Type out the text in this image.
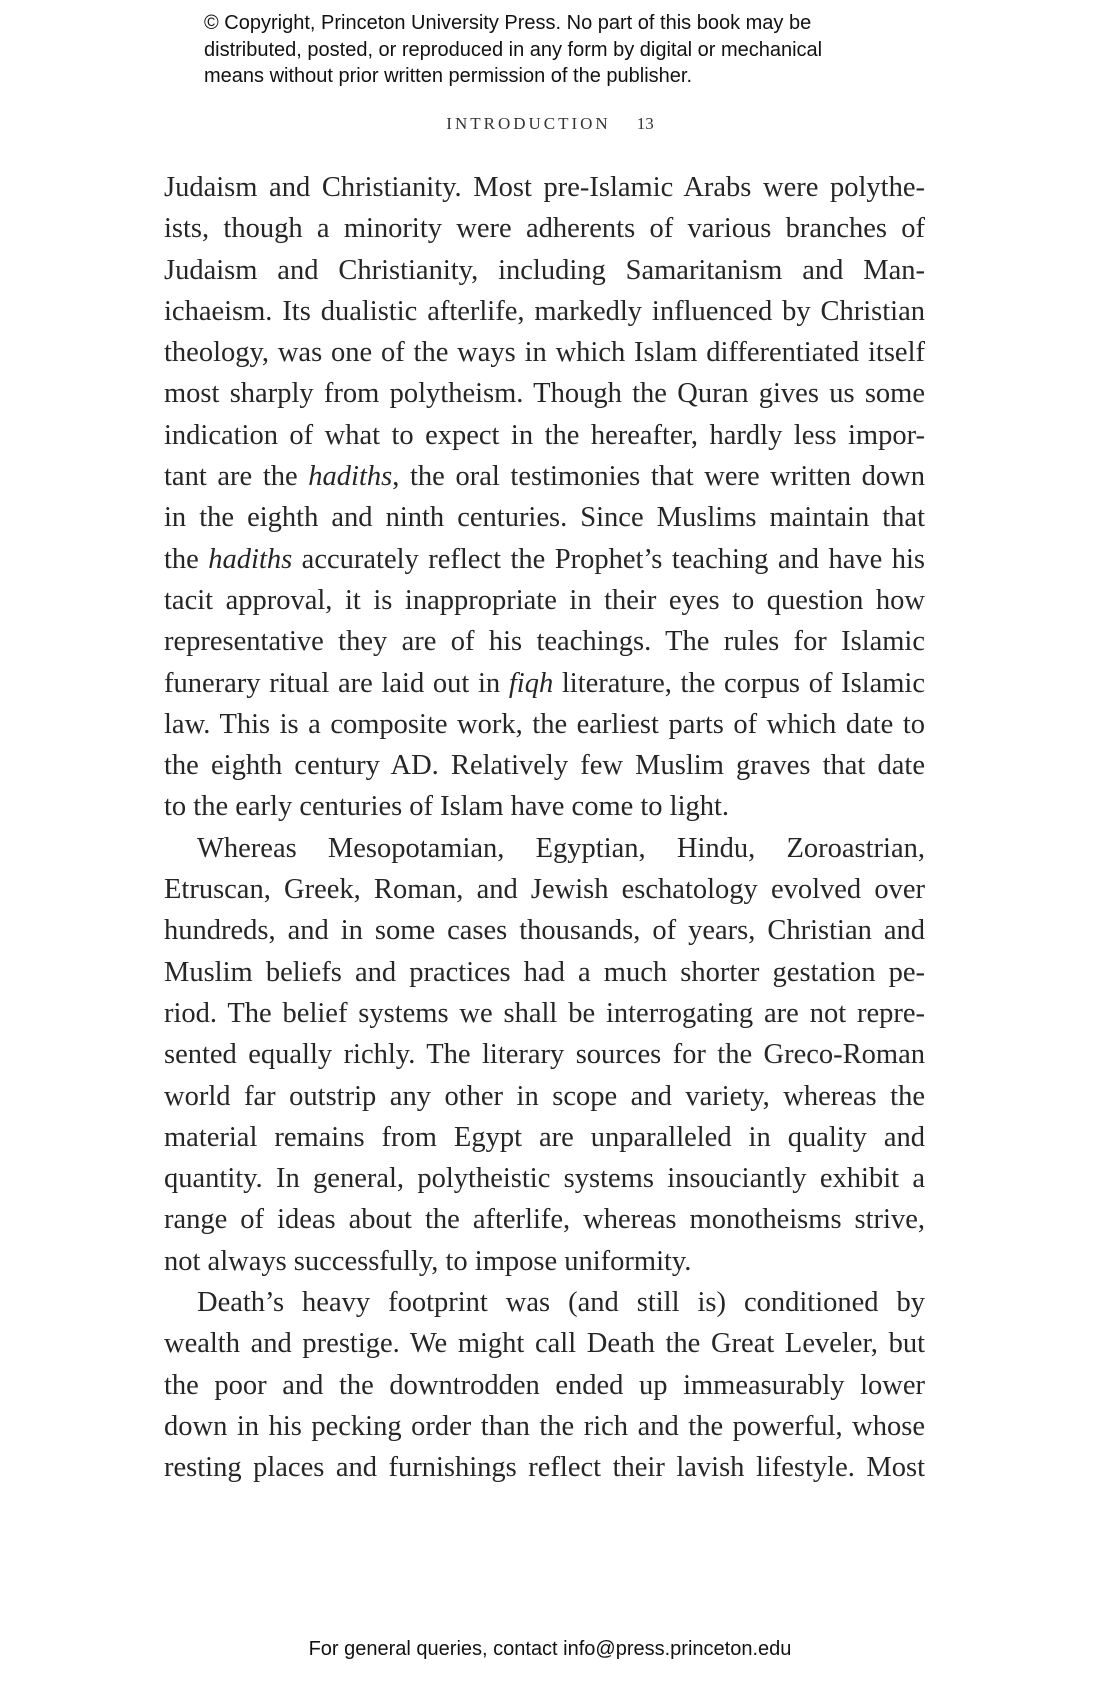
© Copyright, Princeton University Press. No part of this book may be
distributed, posted, or reproduced in any form by digital or mechanical
means without prior written permission of the publisher.
INTRODUCTION 13
Judaism and Christianity. Most pre-Islamic Arabs were polythe-
ists, though a minority were adherents of various branches of
Judaism and Christianity, including Samaritanism and Man-
ichaeism. Its dualistic afterlife, markedly influenced by Christian
theology, was one of the ways in which Islam differentiated itself
most sharply from polytheism. Though the Quran gives us some
indication of what to expect in the hereafter, hardly less impor-
tant are the hadiths, the oral testimonies that were written down
in the eighth and ninth centuries. Since Muslims maintain that
the hadiths accurately reflect the Prophet’s teaching and have his
tacit approval, it is inappropriate in their eyes to question how
representative they are of his teachings. The rules for Islamic
funerary ritual are laid out in fiqh literature, the corpus of Islamic
law. This is a composite work, the earliest parts of which date to
the eighth century AD. Relatively few Muslim graves that date
to the early centuries of Islam have come to light.
Whereas Mesopotamian, Egyptian, Hindu, Zoroastrian,
Etruscan, Greek, Roman, and Jewish eschatology evolved over
hundreds, and in some cases thousands, of years, Christian and
Muslim beliefs and practices had a much shorter gestation pe-
riod. The belief systems we shall be interrogating are not repre-
sented equally richly. The literary sources for the Greco-Roman
world far outstrip any other in scope and variety, whereas the
material remains from Egypt are unparalleled in quality and
quantity. In general, polytheistic systems insouciantly exhibit a
range of ideas about the afterlife, whereas monotheisms strive,
not always successfully, to impose uniformity.
Death’s heavy footprint was (and still is) conditioned by
wealth and prestige. We might call Death the Great Leveler, but
the poor and the downtrodden ended up immeasurably lower
down in his pecking order than the rich and the powerful, whose
resting places and furnishings reflect their lavish lifestyle. Most
For general queries, contact info@press.princeton.edu
